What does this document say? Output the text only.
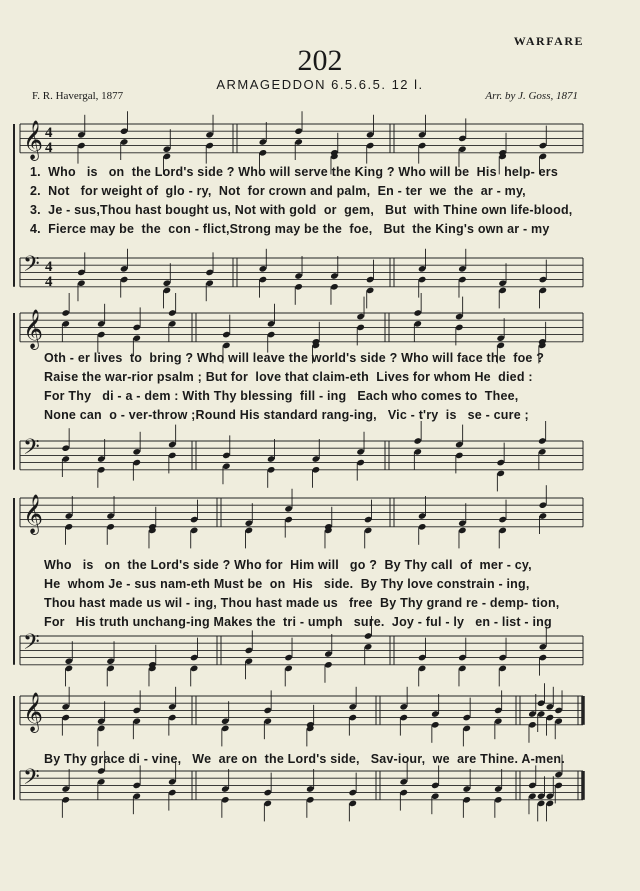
WARFARE
202
ARMAGEDDON 6.5.6.5. 12 l.
F. R. Havergal, 1877	Arr. by J. Goss, 1871
𝄞 4
4
𝄢 4
4
𝄞
𝄢
𝄞
𝄢
𝄞
𝄢
1.  Who   is   on  the Lord's side ? Who will serve the King ? Who will be  His  help- ers
2.  Not   for weight of  glo - ry,  Not  for crown and palm,  En - ter  we  the  ar - my,
3.  Je - sus,Thou hast bought us, Not with gold  or  gem,   But  with Thine own life-blood,
4.  Fierce may be  the  con - flict,Strong may be the  foe,   But  the King's own ar - my
Oth - er lives  to  bring ? Who will leave the world's side ? Who will face the  foe ?
Raise the war-rior psalm ; But for  love that claim-eth  Lives for whom He  died :
For Thy   di - a - dem : With Thy blessing  fill - ing   Each who comes to  Thee,
None can  o - ver-throw ;Round His standard rang-ing,   Vic - t'ry  is   se - cure ;
Who   is   on  the Lord's side ? Who for  Him will   go ?  By Thy call  of  mer - cy,
He  whom Je - sus nam-eth Must be  on  His   side.  By Thy love constrain - ing,
Thou hast made us wil - ing, Thou hast made us   free  By Thy grand re - demp- tion,
For   His truth unchang-ing Makes the  tri - umph   sure.  Joy - ful - ly   en - list - ing
By Thy grace di - vine,   We  are on  the Lord's side,   Sav-iour,  we  are Thine. A-men.
